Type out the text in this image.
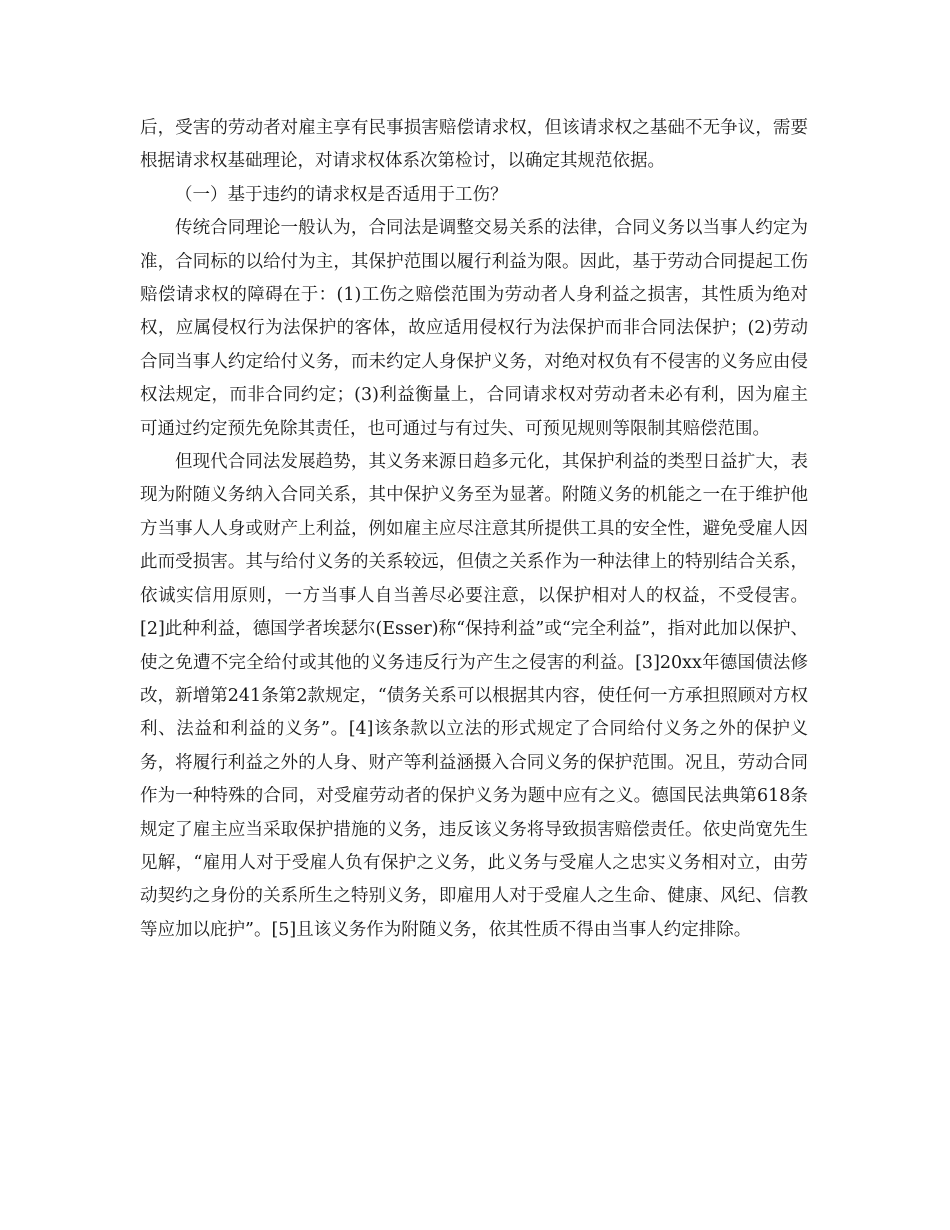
后，受害的劳动者对雇主享有民事损害赔偿请求权，但该请求权之基础不无争议，需要根据请求权基础理论，对请求权体系次第检讨，以确定其规范依据。

（一）基于违约的请求权是否适用于工伤？

传统合同理论一般认为，合同法是调整交易关系的法律，合同义务以当事人约定为准，合同标的以给付为主，其保护范围以履行利益为限。因此，基于劳动合同提起工伤赔偿请求权的障碍在于：(1)工伤之赔偿范围为劳动者人身利益之损害，其性质为绝对权，应属侵权行为法保护的客体，故应适用侵权行为法保护而非合同法保护；(2)劳动合同当事人约定给付义务，而未约定人身保护义务，对绝对权负有不侵害的义务应由侵权法规定，而非合同约定；(3)利益衡量上，合同请求权对劳动者未必有利，因为雇主可通过约定预先免除其责任，也可通过与有过失、可预见规则等限制其赔偿范围。

但现代合同法发展趋势，其义务来源日趋多元化，其保护利益的类型日益扩大，表现为附随义务纳入合同关系，其中保护义务至为显著。附随义务的机能之一在于维护他方当事人人身或财产上利益，例如雇主应尽注意其所提供工具的安全性，避免受雇人因此而受损害。其与给付义务的关系较远，但债之关系作为一种法律上的特别结合关系，依诚实信用原则，一方当事人自当善尽必要注意，以保护相对人的权益，不受侵害。[2]此种利益，德国学者埃瑟尔(Esser)称“保持利益”或“完全利益”，指对此加以保护、使之免遭不完全给付或其他的义务违反行为产生之侵害的利益。[3]20xx年德国债法修改，新增第241条第2款规定，“债务关系可以根据其内容，使任何一方承担照顾对方权利、法益和利益的义务”。[4]该条款以立法的形式规定了合同给付义务之外的保护义务，将履行利益之外的人身、财产等利益涵摄入合同义务的保护范围。况且，劳动合同作为一种特殊的合同，对受雇劳动者的保护义务为题中应有之义。德国民法典第618条规定了雇主应当采取保护措施的义务，违反该义务将导致损害赔偿责任。依史尚宽先生见解，“雇用人对于受雇人负有保护之义务，此义务与受雇人之忠实义务相对立，由劳动契约之身份的关系所生之特别义务，即雇用人对于受雇人之生命、健康、风纪、信教等应加以庇护”。[5]且该义务作为附随义务，依其性质不得由当事人约定排除。
